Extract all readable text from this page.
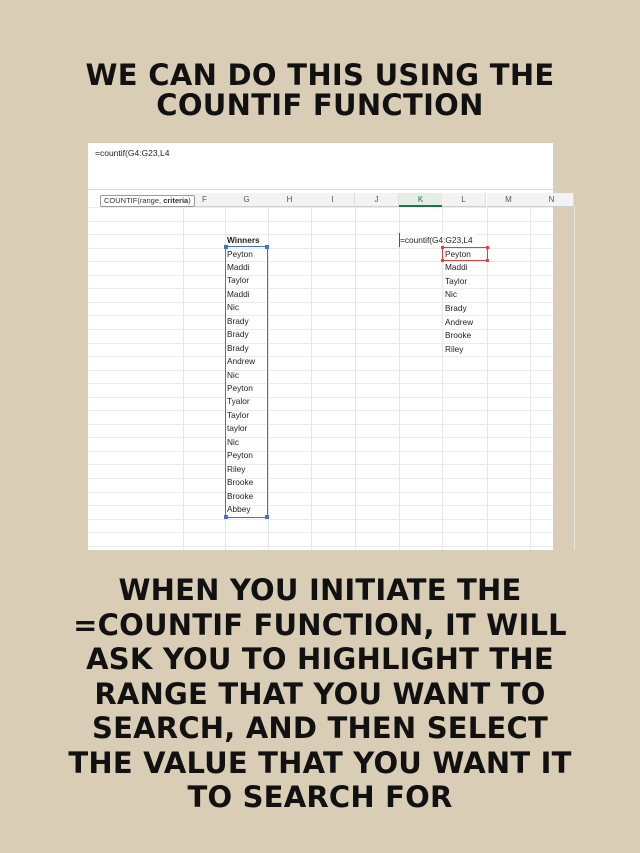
WE CAN DO THIS USING THE
COUNTIF FUNCTION
=countif(G4:G23,L4
F	G	H	I	J	K	L	M	N
COUNTIF(range, criteria)
Winners
Peyton
Maddi
Taylor
Maddi
Nic
Brady
Brady
Brady
Andrew
Nic
Peyton
Tyalor
Taylor
taylor
Nic
Peyton
Riley
Brooke
Brooke
Abbey
=countif(G4:G23,L4
Peyton
Maddi
Taylor
Nic
Brady
Andrew
Brooke
Riley
WHEN YOU INITIATE THE
=COUNTIF FUNCTION, IT WILL
ASK YOU TO HIGHLIGHT THE
RANGE THAT YOU WANT TO
SEARCH, AND THEN SELECT
THE VALUE THAT YOU WANT IT
TO SEARCH FOR
